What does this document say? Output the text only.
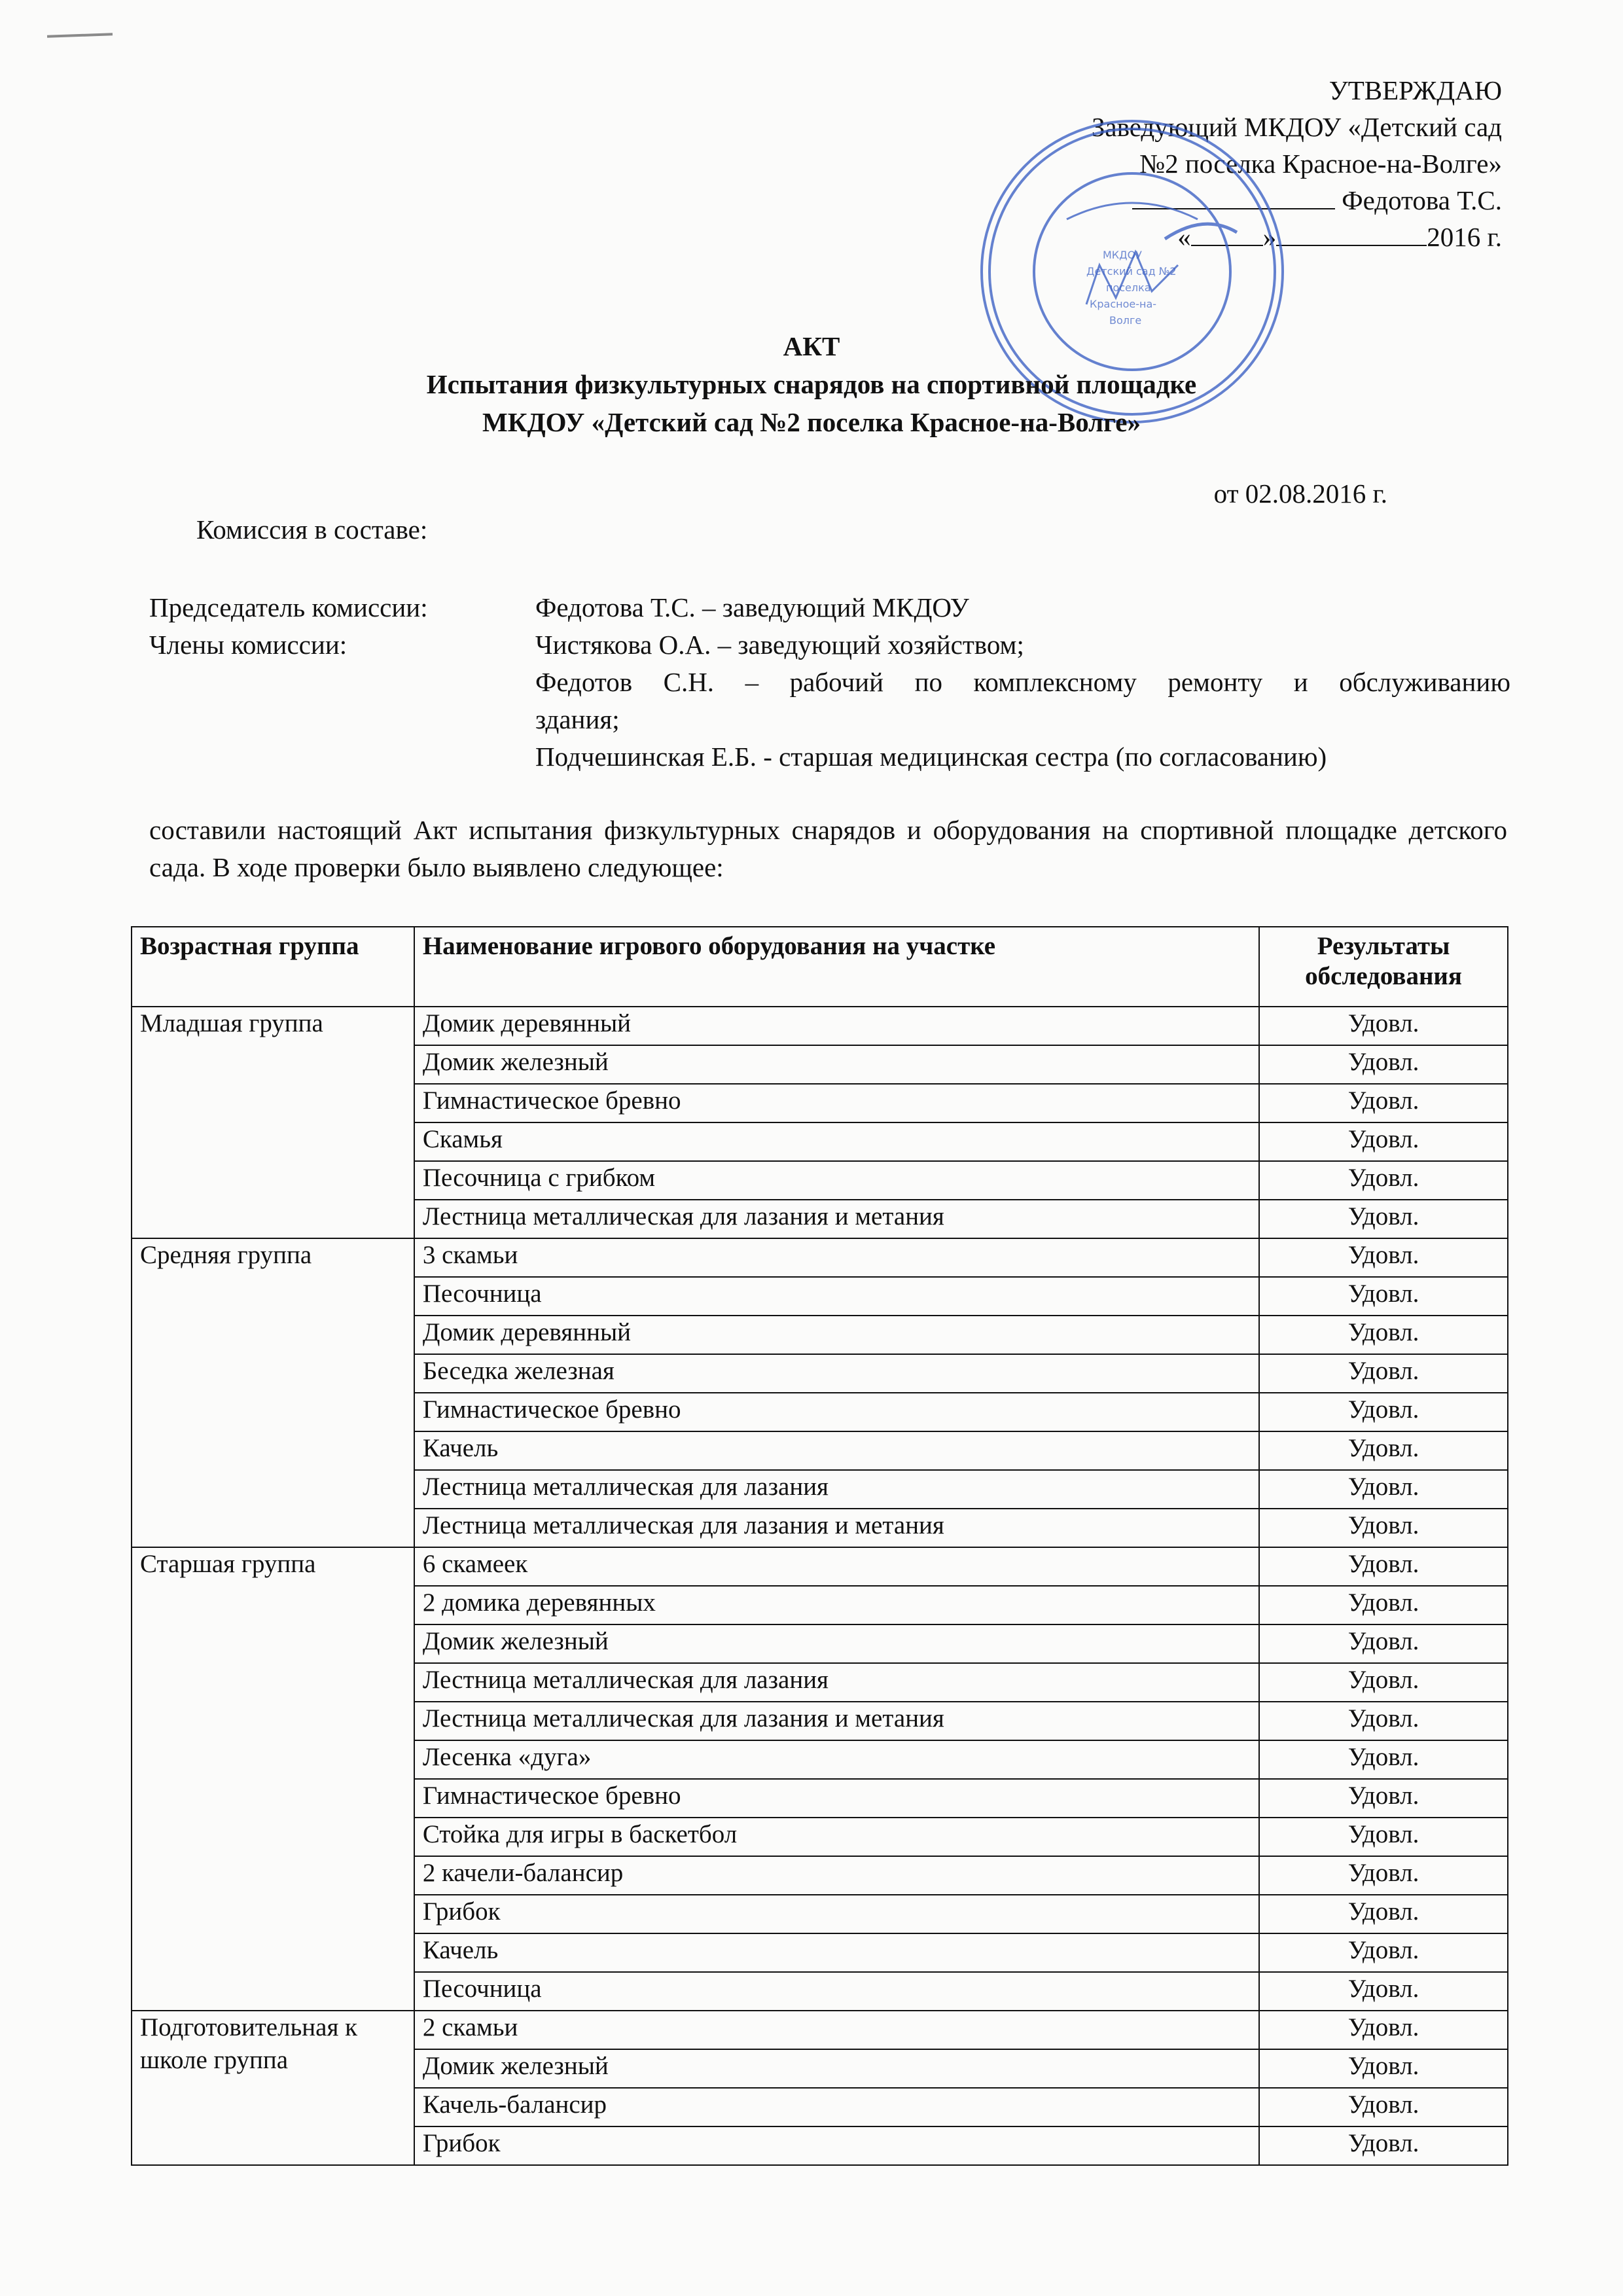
УТВЕРЖДАЮ
Заведующий МКДОУ «Детский сад
№2 поселка Красное-на-Волге»
Федотова Т.С.
«	»	2016 г.
МКДОУ
Детский сад №2
поселка
Красное-на-
Волге
АКТ
Испытания физкультурных снарядов на спортивной площадке
МКДОУ «Детский сад №2 поселка Красное-на-Волге»
от 02.08.2016 г.
Комиссия в составе:
Председатель комиссии:	Федотова Т.С. – заведующий МКДОУ
Члены комиссии:	Чистякова О.А. – заведующий хозяйством;
Федотов С.Н. – рабочий по комплексному ремонту и обслуживанию
здания;
Подчешинская Е.Б. - старшая медицинская сестра (по согласованию)
составили настоящий Акт испытания физкультурных снарядов и оборудования на спортивной площадке детского сада. В ходе проверки было выявлено следующее:
Возрастная группа	Наименование игрового оборудования на участке	Результаты обследования
Младшая группа	Домик деревянный	Удовл.
	Домик железный	Удовл.
	Гимнастическое бревно	Удовл.
	Скамья	Удовл.
	Песочница с грибком	Удовл.
	Лестница металлическая для лазания и метания	Удовл.
Средняя группа	3 скамьи	Удовл.
	Песочница	Удовл.
	Домик деревянный	Удовл.
	Беседка железная	Удовл.
	Гимнастическое бревно	Удовл.
	Качель	Удовл.
	Лестница металлическая для лазания	Удовл.
	Лестница металлическая для лазания и метания	Удовл.
Старшая группа	6 скамеек	Удовл.
	2 домика деревянных	Удовл.
	Домик железный	Удовл.
	Лестница металлическая для лазания	Удовл.
	Лестница металлическая для лазания и метания	Удовл.
	Лесенка «дуга»	Удовл.
	Гимнастическое бревно	Удовл.
	Стойка для игры в баскетбол	Удовл.
	2 качели-балансир	Удовл.
	Грибок	Удовл.
	Качель	Удовл.
	Песочница	Удовл.
Подготовительная к школе группа	2 скамьи	Удовл.
	Домик железный	Удовл.
	Качель-балансир	Удовл.
	Грибок	Удовл.
